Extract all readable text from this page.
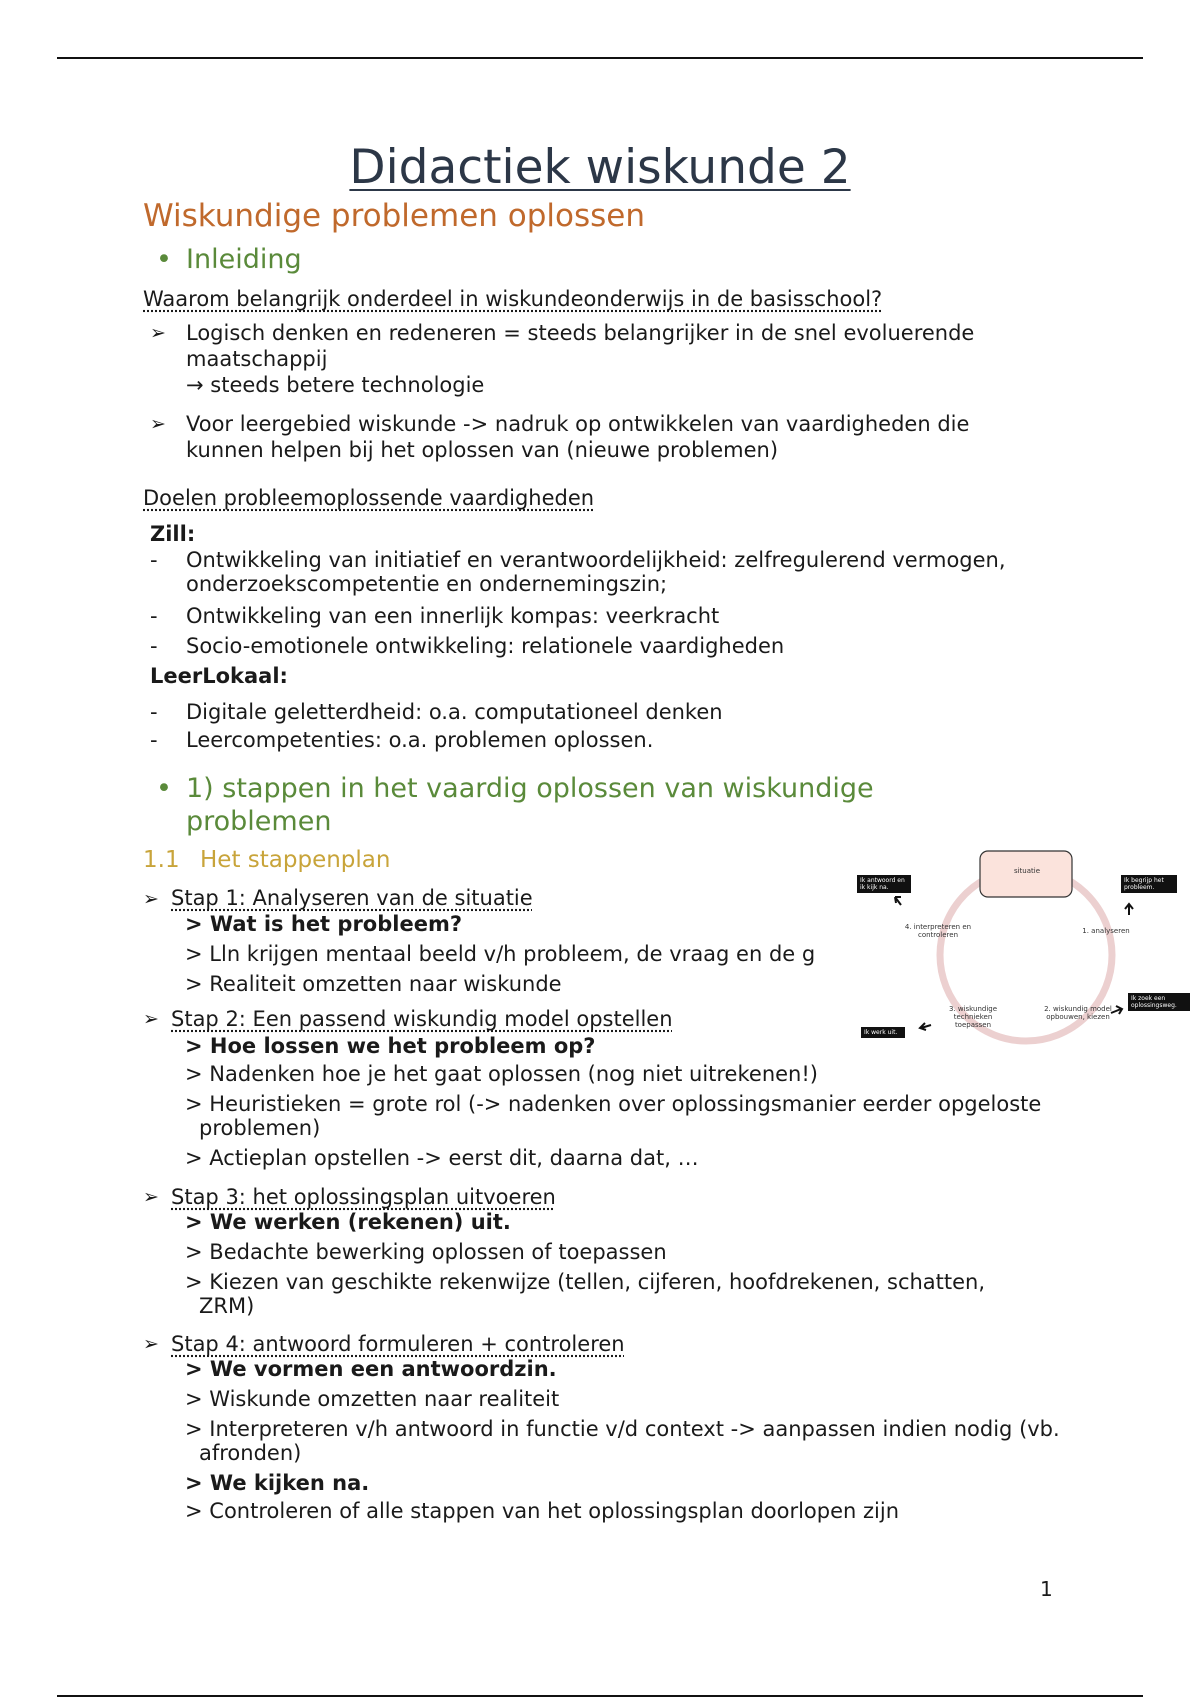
Didactiek wiskunde 2
Wiskundige problemen oplossen
• Inleiding
Waarom belangrijk onderdeel in wiskundeonderwijs in de basisschool?
➢ Logisch denken en redeneren = steeds belangrijker in de snel evoluerende
maatschappij
→ steeds betere technologie
➢ Voor leergebied wiskunde -> nadruk op ontwikkelen van vaardigheden die
kunnen helpen bij het oplossen van (nieuwe problemen)
Doelen probleemoplossende vaardigheden
Zill:
- Ontwikkeling van initiatief en verantwoordelijkheid: zelfregulerend vermogen,
onderzoekscompetentie en ondernemingszin;
- Ontwikkeling van een innerlijk kompas: veerkracht
- Socio-emotionele ontwikkeling: relationele vaardigheden
LeerLokaal:
- Digitale geletterdheid: o.a. computationeel denken
- Leercompetenties: o.a. problemen oplossen.
• 1) stappen in het vaardig oplossen van wiskundige
problemen
1.1 Het stappenplan
➢ Stap 1: Analyseren van de situatie
> Wat is het probleem?
> Lln krijgen mentaal beeld v/h probleem, de vraag en de g
> Realiteit omzetten naar wiskunde
➢ Stap 2: Een passend wiskundig model opstellen
> Hoe lossen we het probleem op?
> Nadenken hoe je het gaat oplossen (nog niet uitrekenen!)
> Heuristieken = grote rol (-> nadenken over oplossingsmanier eerder opgeloste
problemen)
> Actieplan opstellen -> eerst dit, daarna dat, …
➢ Stap 3: het oplossingsplan uitvoeren
> We werken (rekenen) uit.
> Bedachte bewerking oplossen of toepassen
> Kiezen van geschikte rekenwijze (tellen, cijferen, hoofdrekenen, schatten,
ZRM)
➢ Stap 4: antwoord formuleren + controleren
> We vormen een antwoordzin.
> Wiskunde omzetten naar realiteit
> Interpreteren v/h antwoord in functie v/d context -> aanpassen indien nodig (vb.
afronden)
> We kijken na.
> Controleren of alle stappen van het oplossingsplan doorlopen zijn
situatie
1. analyseren
2. wiskundig model opbouwen, kiezen
3. wiskundige technieken toepassen
4. interpreteren en controleren
Ik begrijp het probleem.
Ik zoek een oplossingsweg.
Ik werk uit.
Ik antwoord en ik kijk na.
1
